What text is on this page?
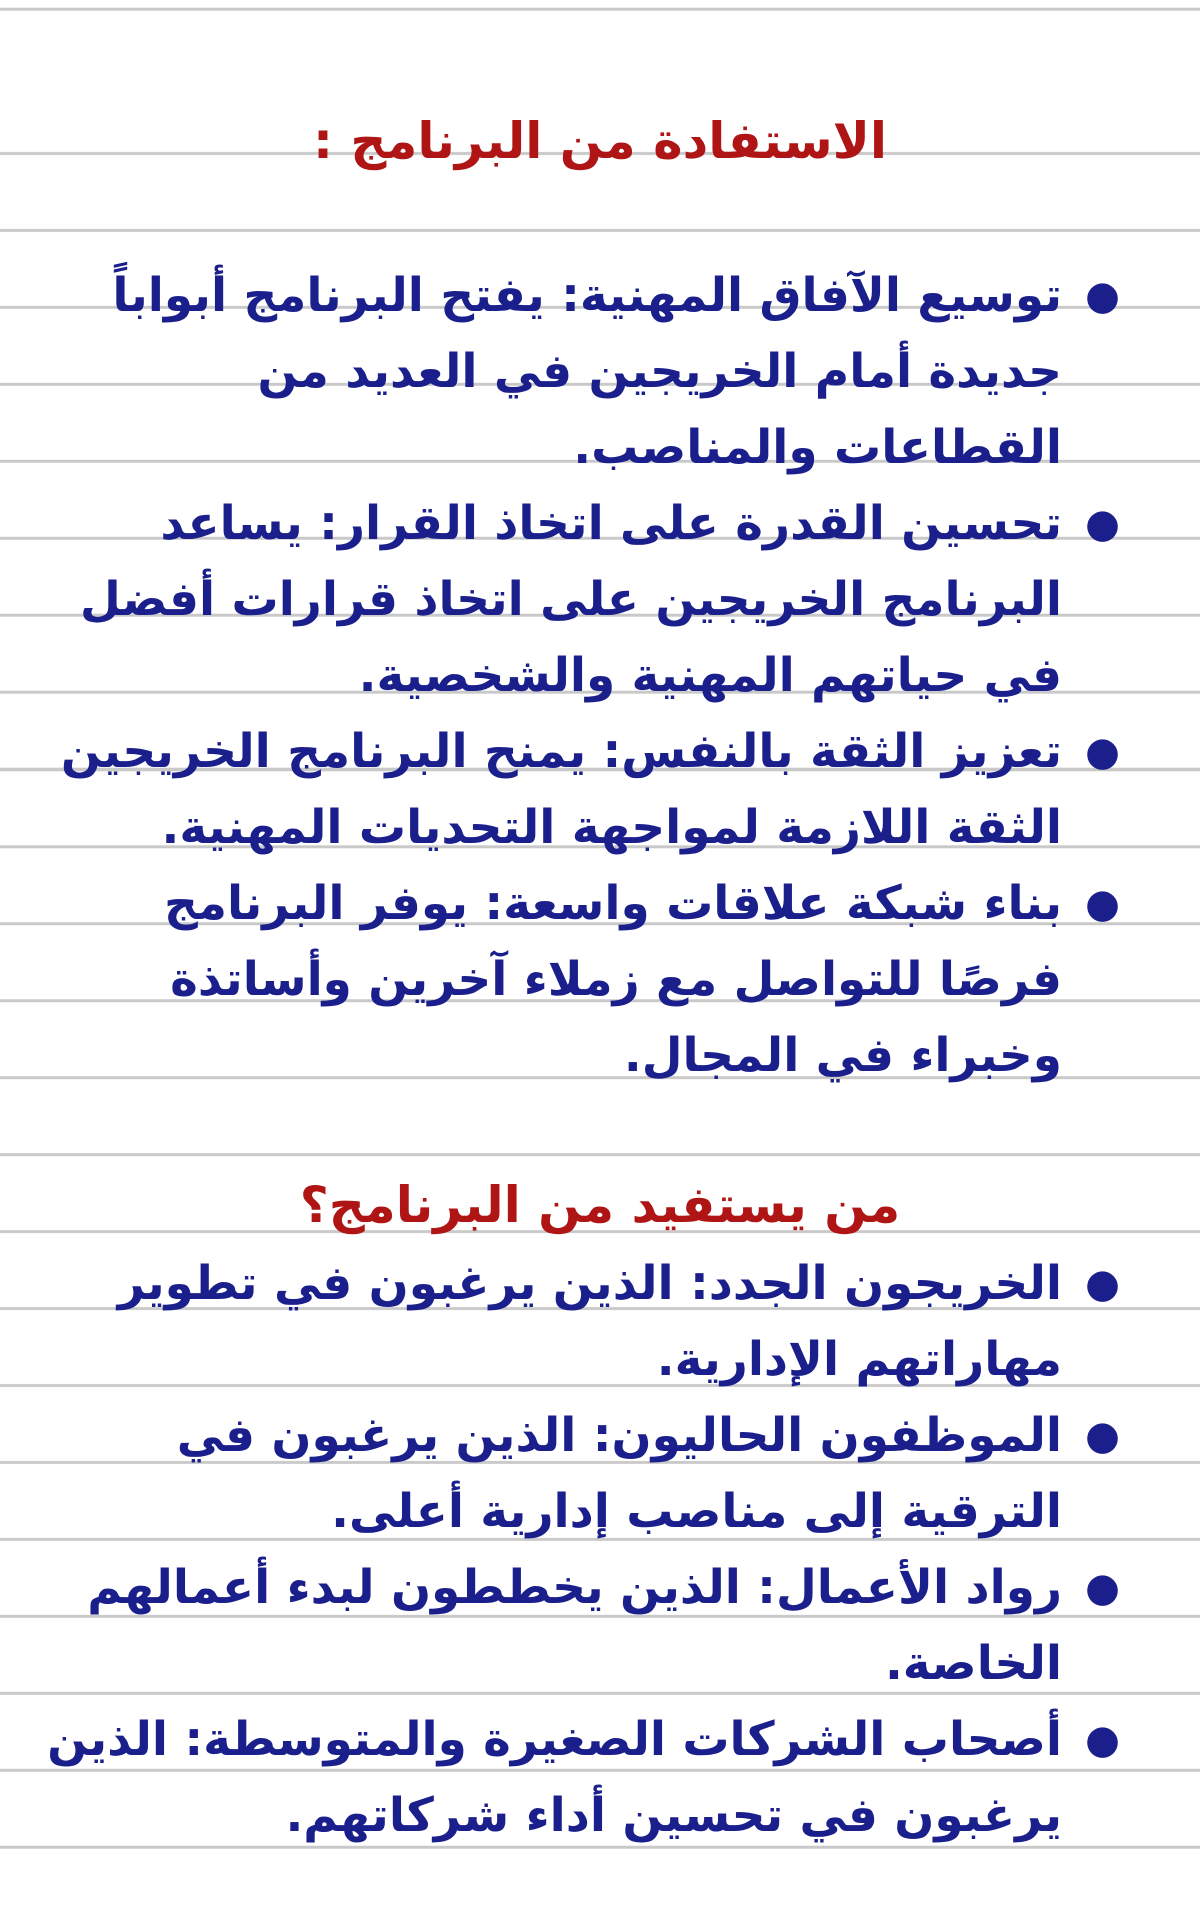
الاستفادة من البرنامج :
●
توسيع الآفاق المهنية: يفتح البرنامج أبواباً جديدة أمام الخريجين في العديد من القطاعات والمناصب.
●
تحسين القدرة على اتخاذ القرار: يساعد البرنامج الخريجين على اتخاذ قرارات أفضل في حياتهم المهنية والشخصية.
●
تعزيز الثقة بالنفس: يمنح البرنامج الخريجين الثقة اللازمة لمواجهة التحديات المهنية.
●
بناء شبكة علاقات واسعة: يوفر البرنامج فرصًا للتواصل مع زملاء آخرين وأساتذة وخبراء في المجال.
من يستفيد من البرنامج؟
●
الخريجون الجدد: الذين يرغبون في تطوير مهاراتهم الإدارية.
●
الموظفون الحاليون: الذين يرغبون في الترقية إلى مناصب إدارية أعلى.
●
رواد الأعمال: الذين يخططون لبدء أعمالهم الخاصة.
●
أصحاب الشركات الصغيرة والمتوسطة: الذين يرغبون في تحسين أداء شركاتهم.
